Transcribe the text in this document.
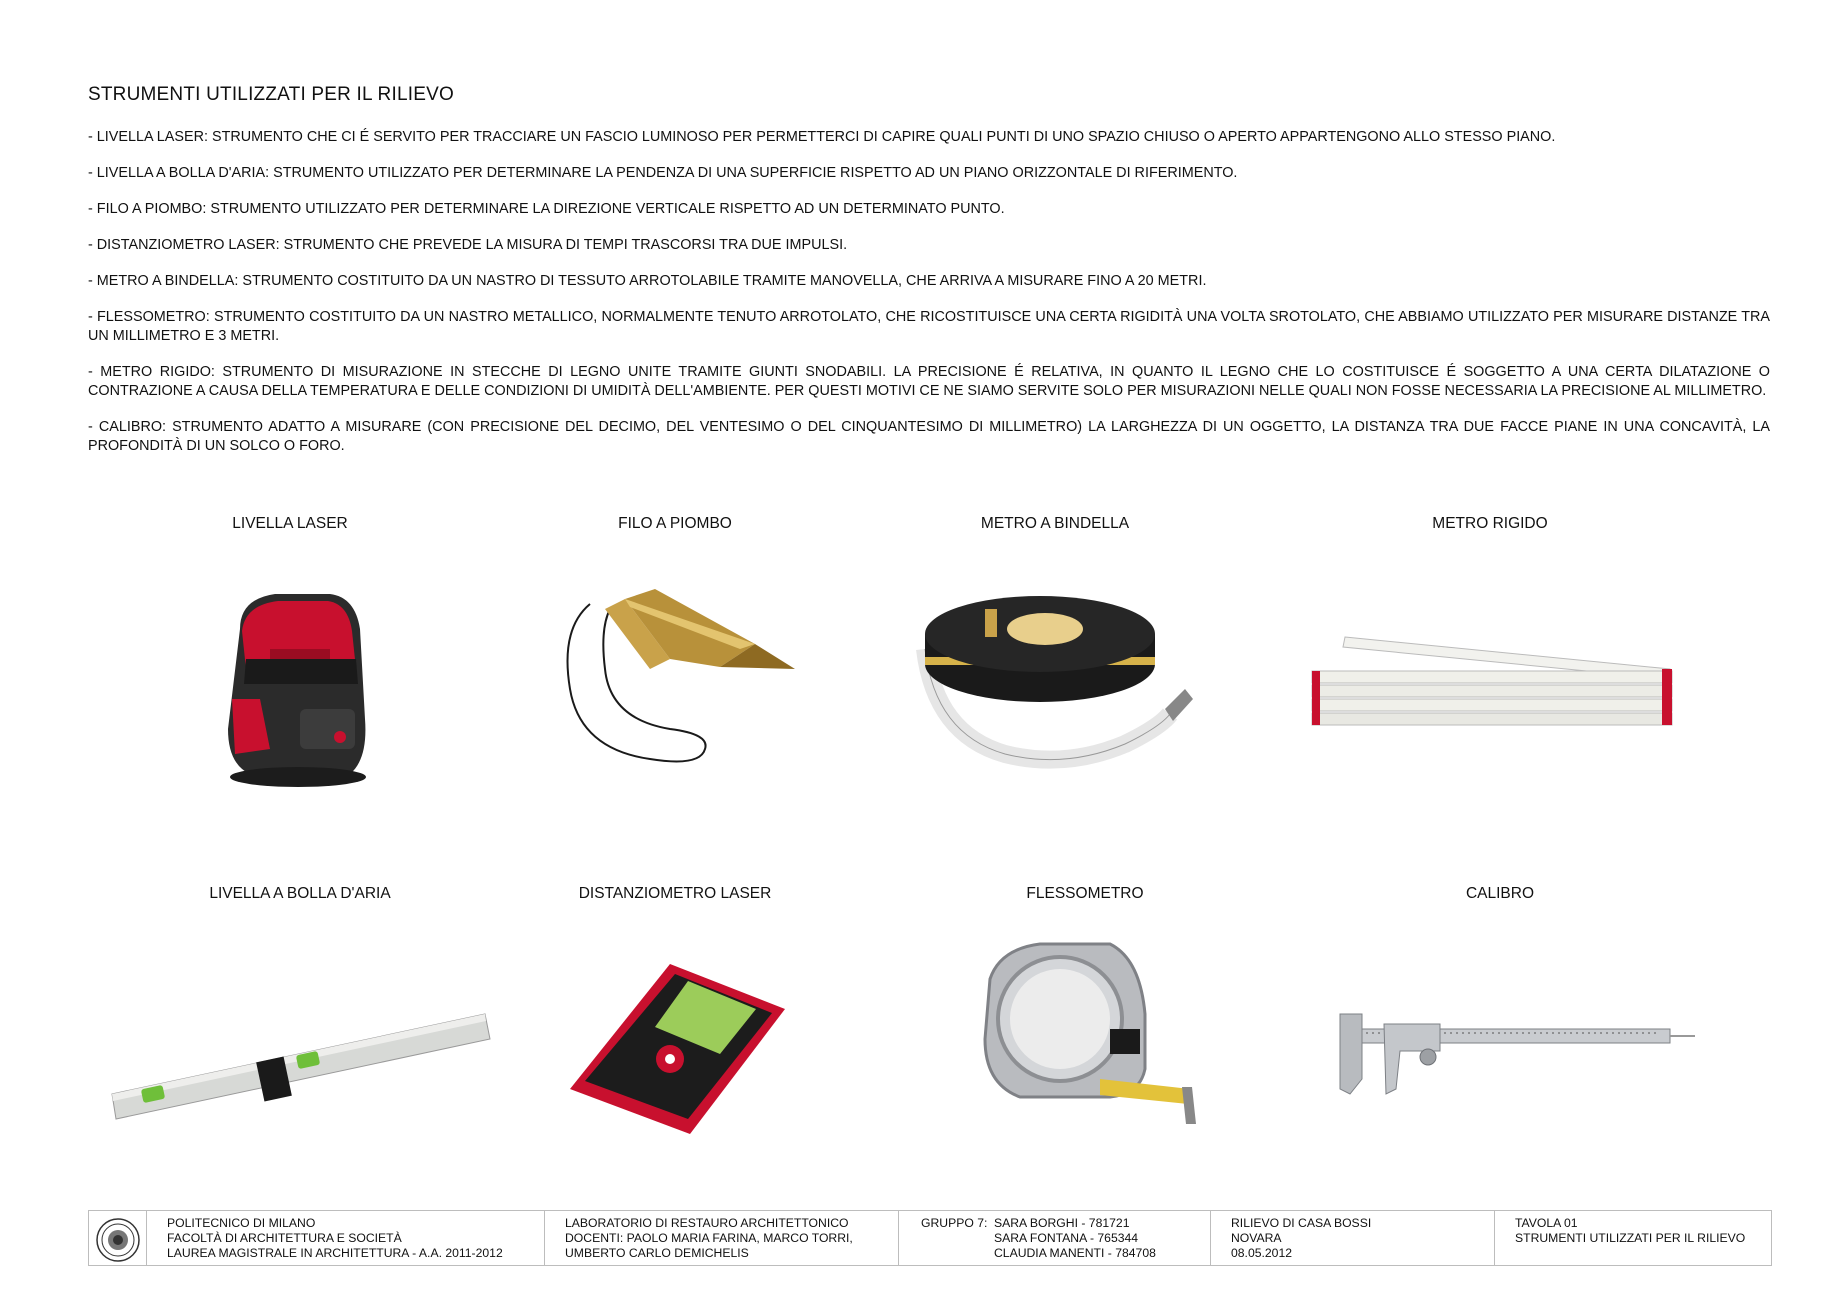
STRUMENTI UTILIZZATI PER IL RILIEVO

- LIVELLA LASER: STRUMENTO CHE CI É SERVITO PER TRACCIARE UN FASCIO LUMINOSO PER PERMETTERCI DI CAPIRE QUALI PUNTI DI UNO SPAZIO CHIUSO O APERTO APPARTENGONO ALLO STESSO PIANO.

- LIVELLA A BOLLA D'ARIA: STRUMENTO UTILIZZATO PER DETERMINARE LA PENDENZA DI UNA SUPERFICIE RISPETTO AD UN PIANO ORIZZONTALE DI RIFERIMENTO.

- FILO A PIOMBO: STRUMENTO UTILIZZATO PER DETERMINARE LA DIREZIONE VERTICALE RISPETTO AD UN DETERMINATO PUNTO.

- DISTANZIOMETRO LASER: STRUMENTO CHE PREVEDE LA MISURA DI TEMPI TRASCORSI TRA DUE IMPULSI.

- METRO A BINDELLA: STRUMENTO COSTITUITO DA UN NASTRO DI TESSUTO ARROTOLABILE TRAMITE MANOVELLA, CHE ARRIVA A MISURARE FINO A 20 METRI.

- FLESSOMETRO: STRUMENTO COSTITUITO DA UN NASTRO METALLICO, NORMALMENTE TENUTO ARROTOLATO, CHE RICOSTITUISCE UNA CERTA RIGIDITÀ UNA VOLTA SROTOLATO, CHE ABBIAMO UTILIZZATO PER MISURARE DISTANZE TRA UN MILLIMETRO E 3 METRI.

- METRO RIGIDO: STRUMENTO DI MISURAZIONE IN STECCHE DI LEGNO UNITE TRAMITE GIUNTI SNODABILI. LA PRECISIONE É RELATIVA, IN QUANTO IL LEGNO CHE LO COSTITUISCE É SOGGETTO A UNA CERTA DILATAZIONE O CONTRAZIONE A CAUSA DELLA TEMPERATURA E DELLE CONDIZIONI DI UMIDITÀ DELL'AMBIENTE. PER QUESTI MOTIVI CE NE SIAMO SERVITE SOLO PER MISURAZIONI NELLE QUALI NON FOSSE NECESSARIA LA PRECISIONE AL MILLIMETRO.

- CALIBRO: STRUMENTO ADATTO A MISURARE (CON PRECISIONE DEL DECIMO, DEL VENTESIMO O DEL CINQUANTESIMO DI MILLIMETRO) LA LARGHEZZA DI UN OGGETTO, LA DISTANZA TRA DUE FACCE PIANE IN UNA CONCAVITÀ, LA PROFONDITÀ DI UN SOLCO O FORO.

LIVELLA LASER	FILO A PIOMBO	METRO A BINDELLA	METRO RIGIDO
LIVELLA A BOLLA D'ARIA	DISTANZIOMETRO LASER	FLESSOMETRO	CALIBRO
POLITECNICO DI MILANO
FACOLTÀ DI ARCHITETTURA E SOCIETÀ
LAUREA MAGISTRALE IN ARCHITETTURA - A.A. 2011-2012
LABORATORIO DI RESTAURO ARCHITETTONICO
DOCENTI: PAOLO MARIA FARINA, MARCO TORRI,
UMBERTO CARLO DEMICHELIS
GRUPPO 7: SARA BORGHI - 781721
SARA FONTANA - 765344
CLAUDIA MANENTI - 784708
RILIEVO DI CASA BOSSI
NOVARA
08.05.2012
TAVOLA 01
STRUMENTI UTILIZZATI PER IL RILIEVO
